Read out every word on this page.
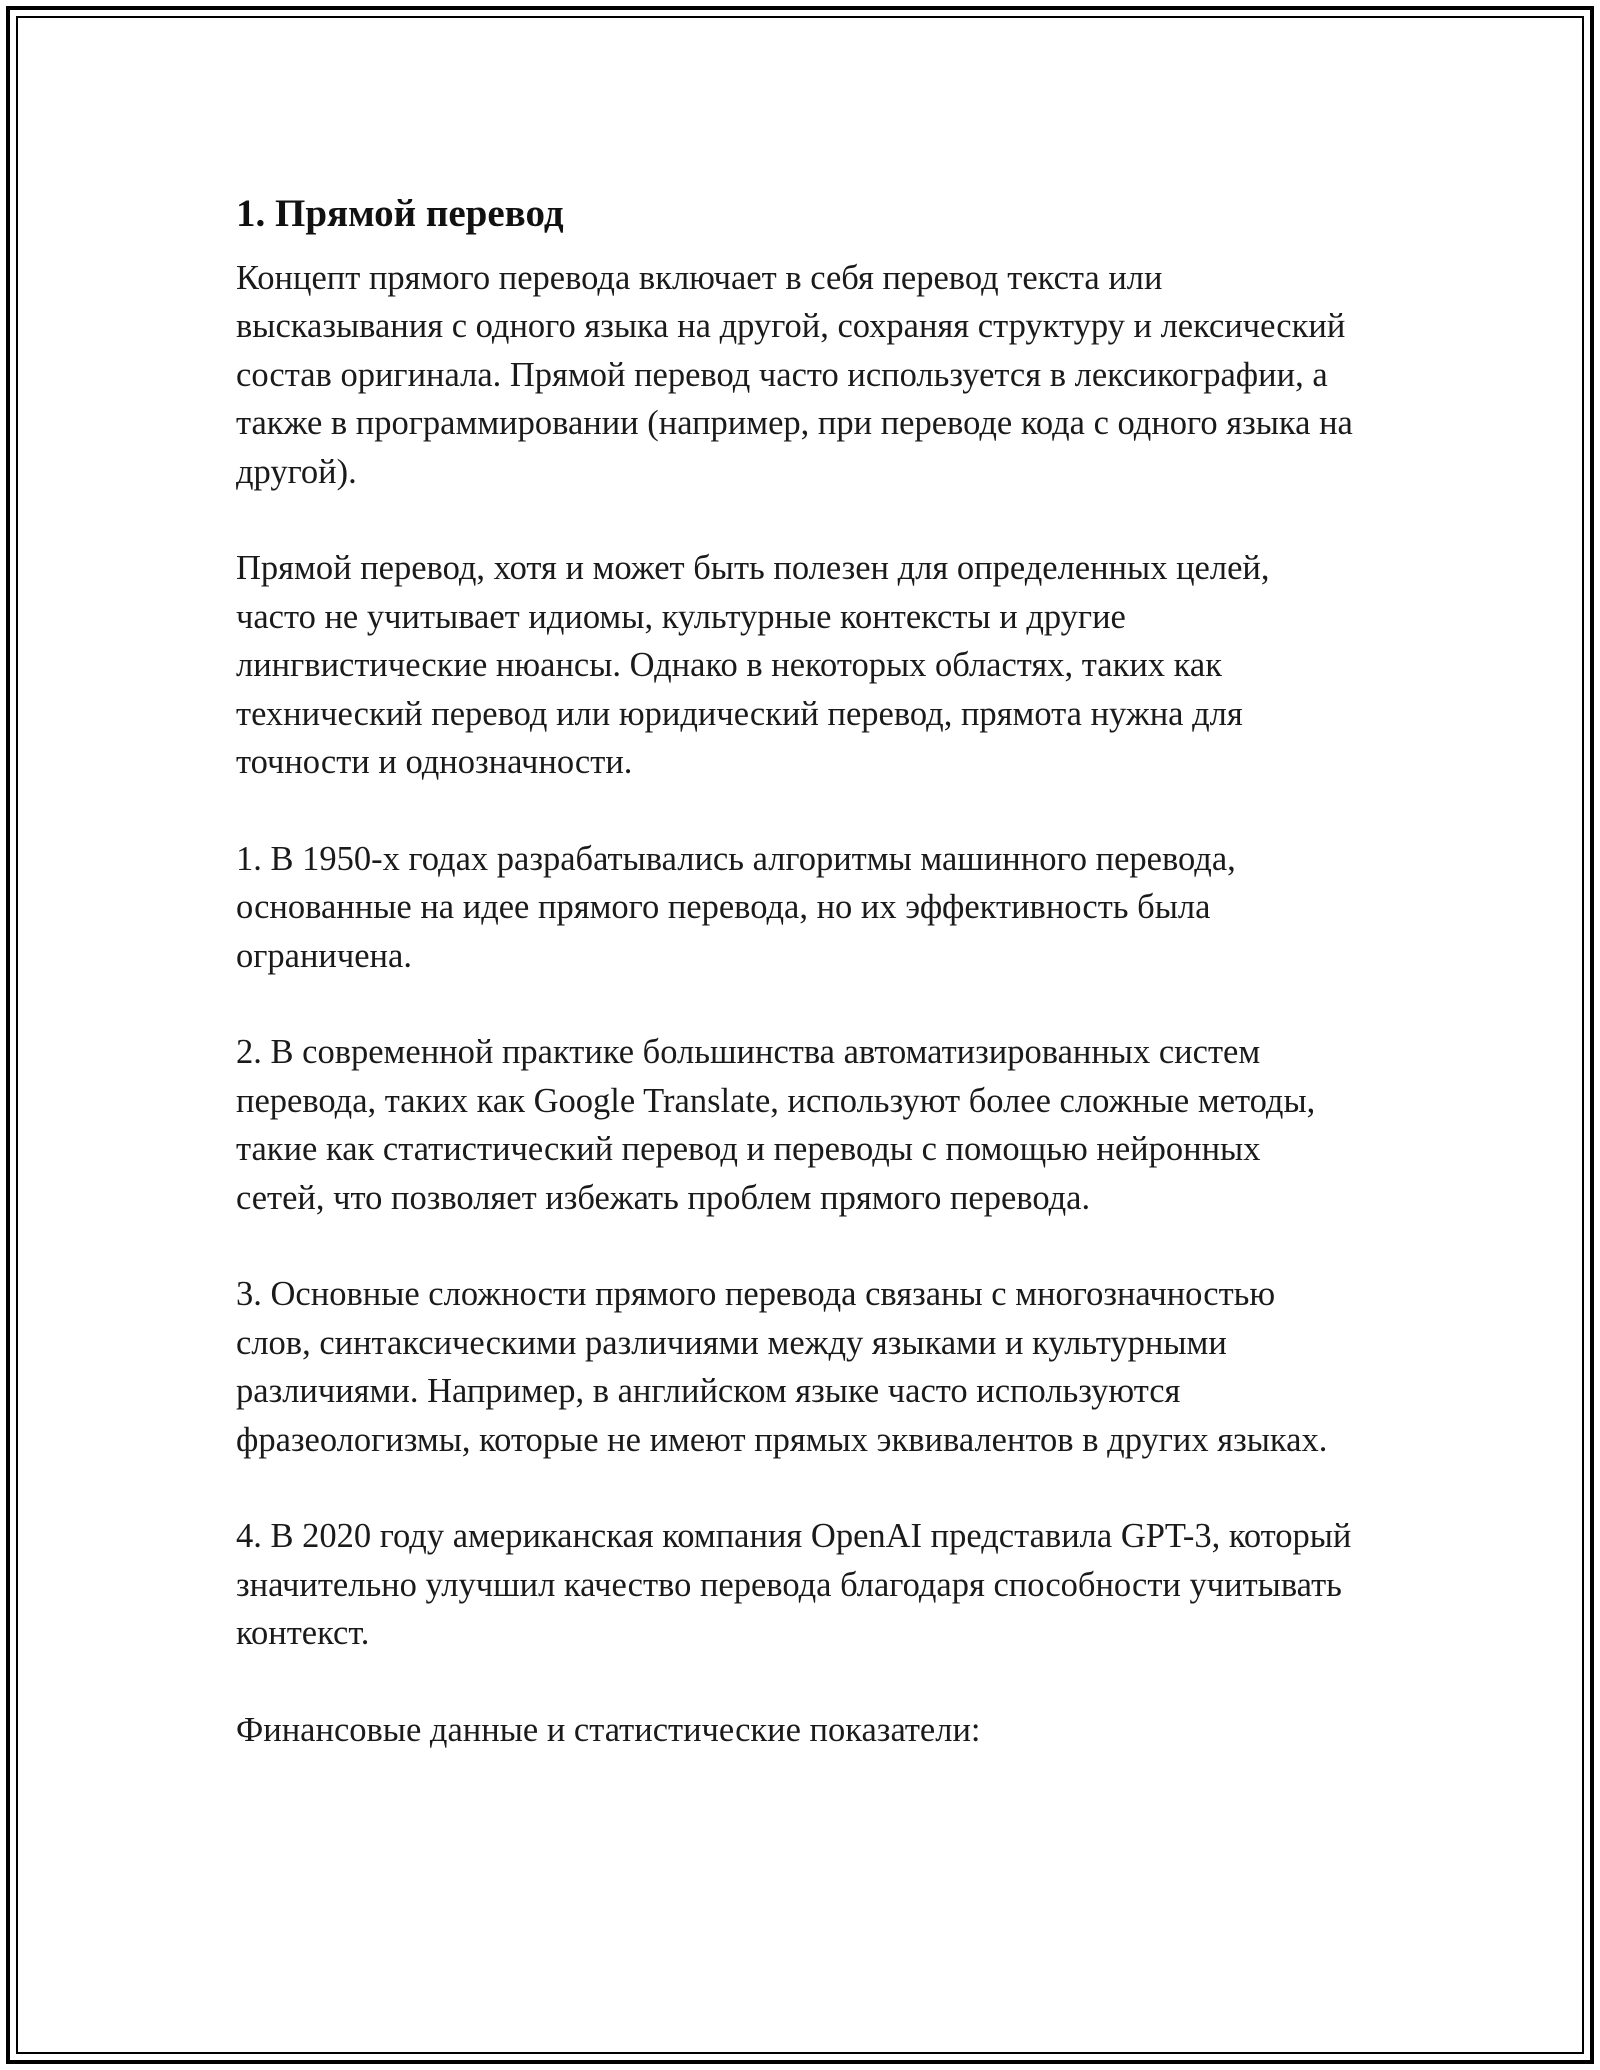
1. Прямой перевод

Концепт прямого перевода включает в себя перевод текста или высказывания с одного языка на другой, сохраняя структуру и лексический состав оригинала. Прямой перевод часто используется в лексикографии, а также в программировании (например, при переводе кода с одного языка на другой).

Прямой перевод, хотя и может быть полезен для определенных целей, часто не учитывает идиомы, культурные контексты и другие лингвистические нюансы. Однако в некоторых областях, таких как технический перевод или юридический перевод, прямота нужна для точности и однозначности.

1. В 1950-х годах разрабатывались алгоритмы машинного перевода, основанные на идее прямого перевода, но их эффективность была ограничена.

2. В современной практике большинства автоматизированных систем перевода, таких как Google Translate, используют более сложные методы, такие как статистический перевод и переводы с помощью нейронных сетей, что позволяет избежать проблем прямого перевода.

3. Основные сложности прямого перевода связаны с многозначностью слов, синтаксическими различиями между языками и культурными различиями. Например, в английском языке часто используются фразеологизмы, которые не имеют прямых эквивалентов в других языках.

4. В 2020 году американская компания OpenAI представила GPT-3, который значительно улучшил качество перевода благодаря способности учитывать контекст.

Финансовые данные и статистические показатели:
